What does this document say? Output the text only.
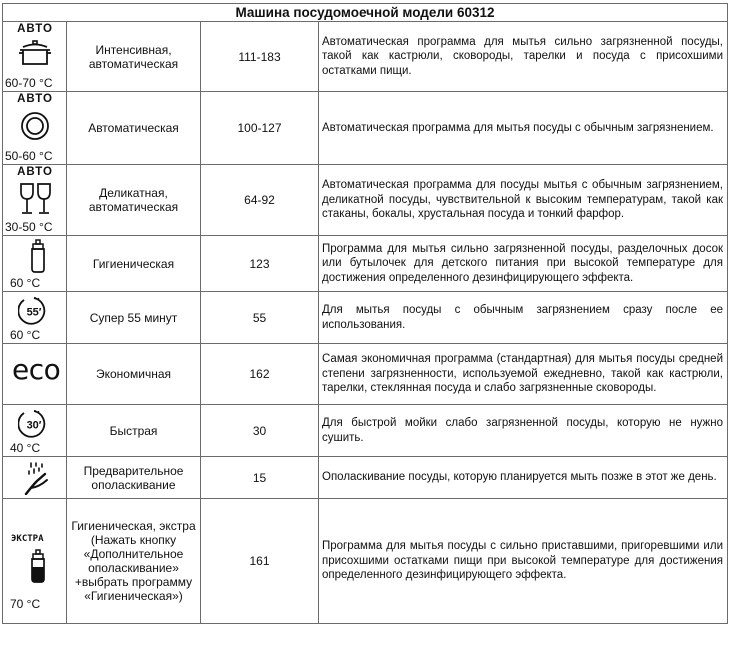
Машина посудомоечной модели 60312			

АВТО
60-70 °C	Интенсивная, автоматическая	111-183	Автоматическая программа для мытья сильно загрязненной посуды, такой как кастрюли, сковороды, тарелки и посуда с присохшими остатками пищи.

АВТО
50-60 °C	Автоматическая	100-127	Автоматическая программа для мытья посуды с обычным загрязнением.

АВТО
30-50 °C	Деликатная, автоматическая	64-92	Автоматическая программа для посуды мытья с обычным загрязнением, деликатной посуды, чувствительной к высоким температурам, такой как стаканы, бокалы, хрустальная посуда и тонкий фарфор.

60 °C	Гигиеническая	123	Программа для мытья сильно загрязненной посуды, разделочных досок или бутылочек для детского питания при высокой температуре для достижения определенного дезинфицирующего эффекта.

55′
60 °C	Супер 55 минут	55	Для мытья посуды с обычным загрязнением сразу после ее использования.

eco	Экономичная	162	Самая экономичная программа (стандартная) для мытья посуды средней степени загрязненности, используемой ежедневно, такой как кастрюли, тарелки, стеклянная посуда и слабо загрязненные сковороды.

30′
40 °C	Быстрая	30	Для быстрой мойки слабо загрязненной посуды, которую не нужно сушить.

	Предварительное ополаскивание	15	Ополаскивание посуды, которую планируется мыть позже в этот же день.

ЭКСТРА
70 °C	Гигиеническая, экстра (Нажать кнопку «Дополнительное ополаскивание» +выбрать программу «Гигиеническая»)	161	Программа для мытья посуды с сильно приставшими, пригоревшими или присохшими остатками пищи при высокой температуре для достижения определенного дезинфицирующего эффекта.
